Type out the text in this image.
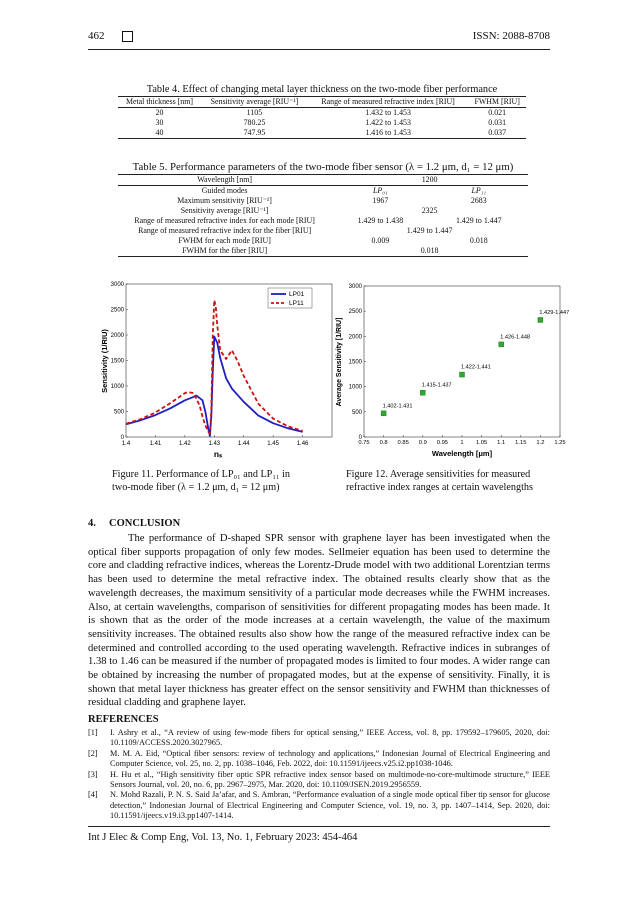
462	ISSN: 2088-8708
Table 4. Effect of changing metal layer thickness on the two-mode fiber performance
Metal thickness [nm]	Sensitivity average [RIU⁻¹]	Range of measured refractive index [RIU]	FWHM [RIU]
20	1105	1.432 to 1.453	0.021
30	780.25	1.422 to 1.453	0.031
40	747.95	1.416 to 1.453	0.037
Table 5. Performance parameters of the two-mode fiber sensor (λ = 1.2 μm, d₁ = 12 μm)
Wavelength [nm]	1200	
Guided modes	LP₀₁	LP₁₁
Maximum sensitivity [RIU⁻¹]	1967	2683
Sensitivity average [RIU⁻¹]	2325	
Range of measured refractive index for each mode [RIU]	1.429 to 1.438	1.429 to 1.447
Range of measured refractive index for the fiber [RIU]	1.429 to 1.447	
FWHM for each mode [RIU]	0.009	0.018
FWHM for the fiber [RIU]	0.018	
0
500
1000
1500
2000
2500
3000
1.4	1.41	1.42	1.43	1.44	1.45	1.46
LP01
LP11
nₛ
Sensitivity (1/RIU)
0
500
1000
1500
2000
2500
3000
0.75 0.8 0.85 0.9 0.95 1 1.05 1.1 1.15 1.2 1.25
1.402-1.431
1.415-1.437
1.422-1.441
1.426-1.448
1.429-1.447
Wavelength [μm]
Average Sensitivity [1/RIU]
Figure 11. Performance of LP₀₁ and LP₁₁ in
two-mode fiber (λ = 1.2 μm, d₁ = 12 μm)
Figure 12. Average sensitivities for measured
refractive index ranges at certain wavelengths
4.     CONCLUSION

The performance of D-shaped SPR sensor with graphene layer has been investigated when the optical fiber supports propagation of only few modes. Sellmeier equation has been used to determine the core and cladding refractive indices, whereas the Lorentz-Drude model with two additional Lorentzian terms has been used to determine the metal refractive index. The obtained results clearly show that as the wavelength decreases, the maximum sensitivity of a particular mode decreases while the FWHM increases. Also, at certain wavelengths, comparison of sensitivities for different propagating modes has been made. It is shown that as the order of the mode increases at a certain wavelength, the value of the maximum sensitivity increases. The obtained results also show how the range of the measured refractive index can be determined and controlled according to the used operating wavelength. Refractive indices in subranges of 1.38 to 1.46 can be measured if the number of propagated modes is limited to four modes. A wider range can be obtained by increasing the number of propagated modes, but at the expense of sensitivity. Finally, it is shown that metal layer thickness has greater effect on the sensor sensitivity and FWHM than thicknesses of residual cladding and graphene layer.

REFERENCES
[1]	I. Ashry et al., “A review of using few-mode fibers for optical sensing,” IEEE Access, vol. 8, pp. 179592–179605, 2020, doi: 10.1109/ACCESS.2020.3027965.
[2]	M. M. A. Eid, “Optical fiber sensors: review of technology and applications,” Indonesian Journal of Electrical Engineering and Computer Science, vol. 25, no. 2, pp. 1038–1046, Feb. 2022, doi: 10.11591/ijeecs.v25.i2.pp1038-1046.
[3]	H. Hu et al., “High sensitivity fiber optic SPR refractive index sensor based on multimode-no-core-multimode structure,” IEEE Sensors Journal, vol. 20, no. 6, pp. 2967–2975, Mar. 2020, doi: 10.1109/JSEN.2019.2956559.
[4]	N. Mohd Razali, P. N. S. Said Ja’afar, and S. Ambran, “Performance evaluation of a single mode optical fiber tip sensor for glucose detection,” Indonesian Journal of Electrical Engineering and Computer Science, vol. 19, no. 3, pp. 1407–1414, Sep. 2020, doi: 10.11591/ijeecs.v19.i3.pp1407-1414.
Int J Elec & Comp Eng, Vol. 13, No. 1, February 2023: 454-464
